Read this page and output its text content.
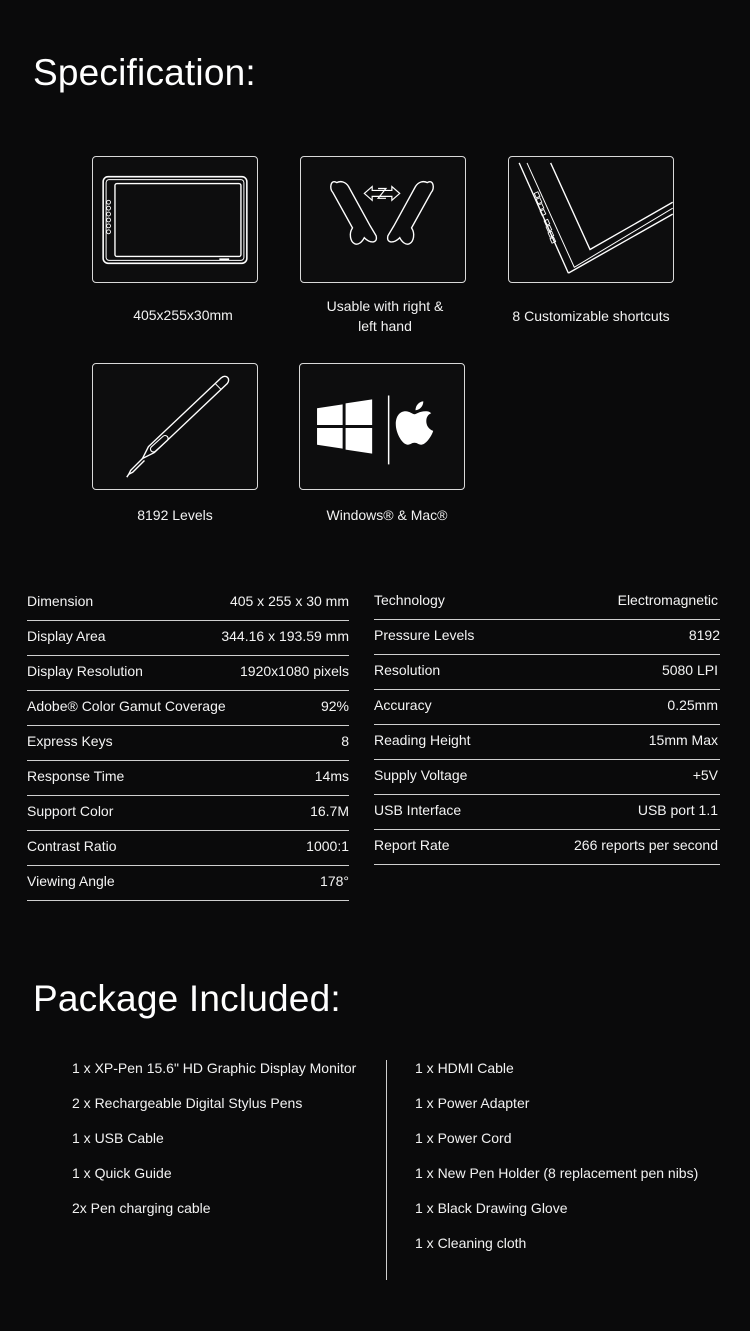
Specification:
405x255x30mm
Usable with right &
left hand
8 Customizable shortcuts
8192 Levels	Windows® & Mac®
Dimension	405 x 255 x 30 mm
Display Area	344.16 x 193.59 mm
Display Resolution	1920x1080 pixels
Adobe® Color Gamut Coverage	92%
Express Keys	8
Response Time	14ms
Support Color	16.7M
Contrast Ratio	1000:1
Viewing Angle	178°
Technology	Electromagnetic
Pressure Levels	8192
Resolution	5080 LPI
Accuracy	0.25mm
Reading Height	15mm Max
Supply Voltage	+5V
USB Interface	USB port 1.1
Report Rate	266 reports per second
Package Included:
1 x XP-Pen 15.6" HD Graphic Display Monitor
2 x Rechargeable Digital Stylus Pens
1 x USB Cable
1 x Quick Guide
2x Pen charging cable
1 x HDMI Cable
1 x Power Adapter
1 x Power Cord
1 x New Pen Holder (8 replacement pen nibs)
1 x Black Drawing Glove
1 x Cleaning cloth
